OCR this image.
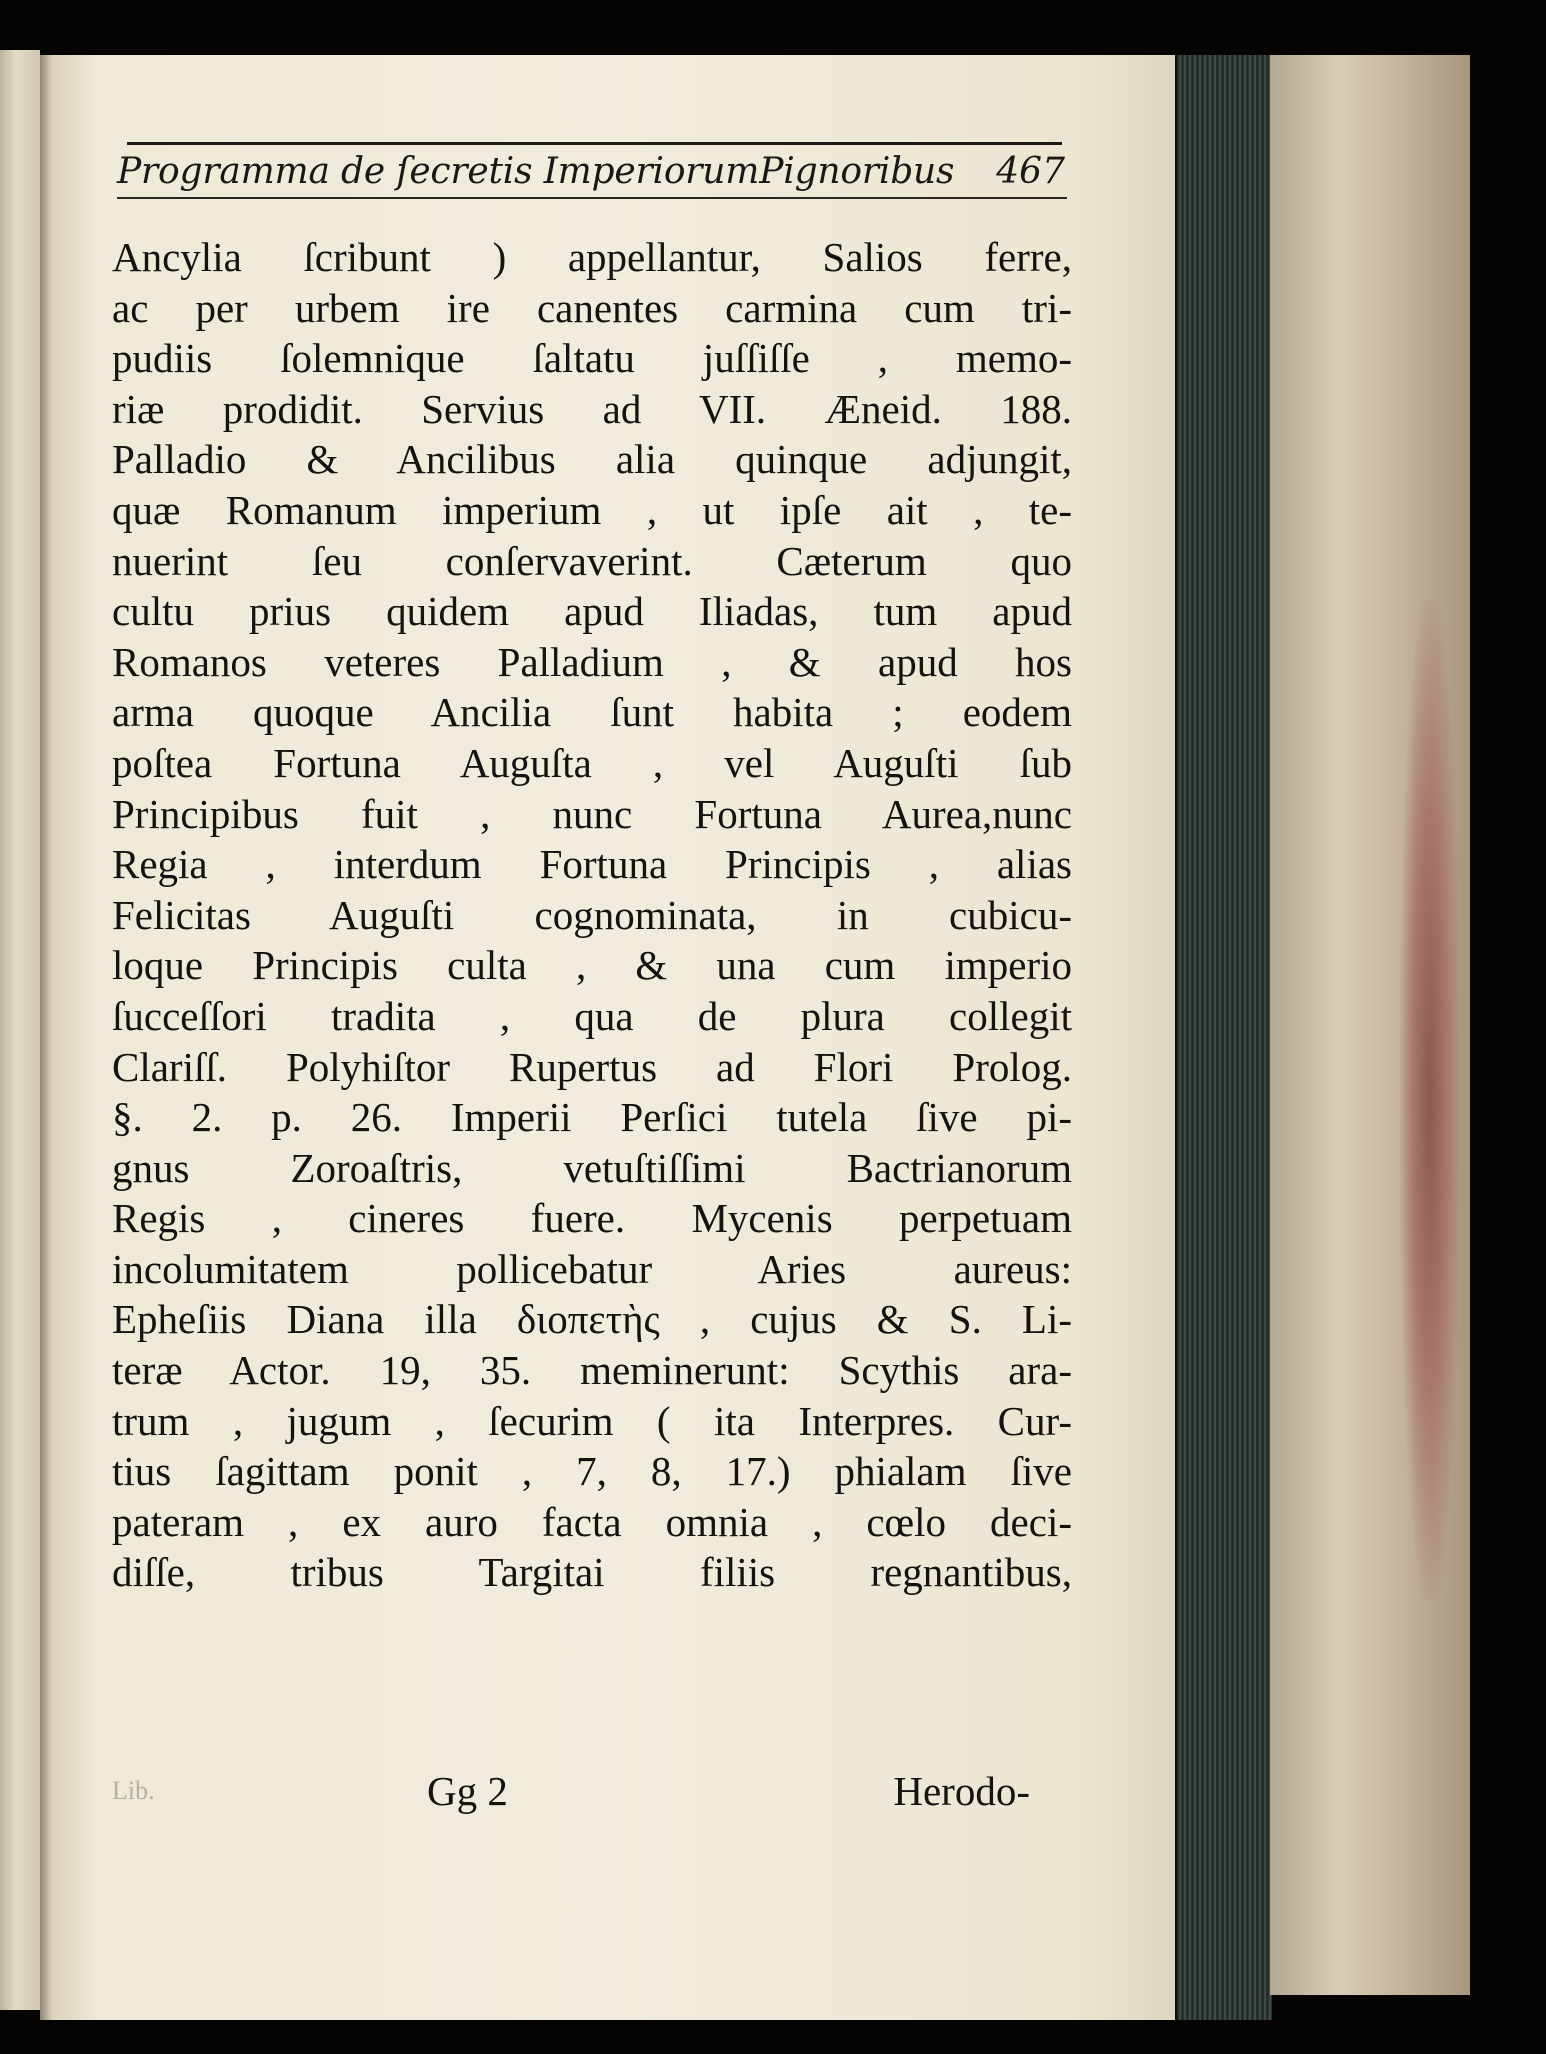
Programma de ſecretis ImperiorumPignoribus 467
Ancylia ſcribunt ) appellantur, Salios ferre,
ac per urbem ire canentes carmina cum tri-
pudiis ſolemnique ſaltatu juſſiſſe , memo-
riæ prodidit. Servius ad VII. Æneid. 188.
Palladio & Ancilibus alia quinque adjungit,
quæ Romanum imperium , ut ipſe ait , te-
nuerint ſeu conſervaverint. Cæterum quo
cultu prius quidem apud Iliadas, tum apud
Romanos veteres Palladium , & apud hos
arma quoque Ancilia ſunt habita ; eodem
poſtea Fortuna Auguſta , vel Auguſti ſub
Principibus fuit , nunc Fortuna Aurea,nunc
Regia , interdum Fortuna Principis , alias
Felicitas Auguſti cognominata, in cubicu-
loque Principis culta , & una cum imperio
ſucceſſori tradita , qua de plura collegit
Clariſſ. Polyhiſtor Rupertus ad Flori Prolog.
§. 2. p. 26. Imperii Perſici tutela ſive pi-
gnus Zoroaſtris, vetuſtiſſimi Bactrianorum
Regis , cineres fuere. Mycenis perpetuam
incolumitatem pollicebatur Aries aureus:
Epheſiis Diana illa διοπετὴς , cujus & S. Li-
teræ Actor. 19, 35. meminerunt: Scythis ara-
trum , jugum , ſecurim ( ita Interpres. Cur-
tius ſagittam ponit , 7, 8, 17.) phialam ſive
pateram , ex auro facta omnia , cœlo deci-
diſſe, tribus Targitai filiis regnantibus,
Lib.	Gg 2	Herodo-
